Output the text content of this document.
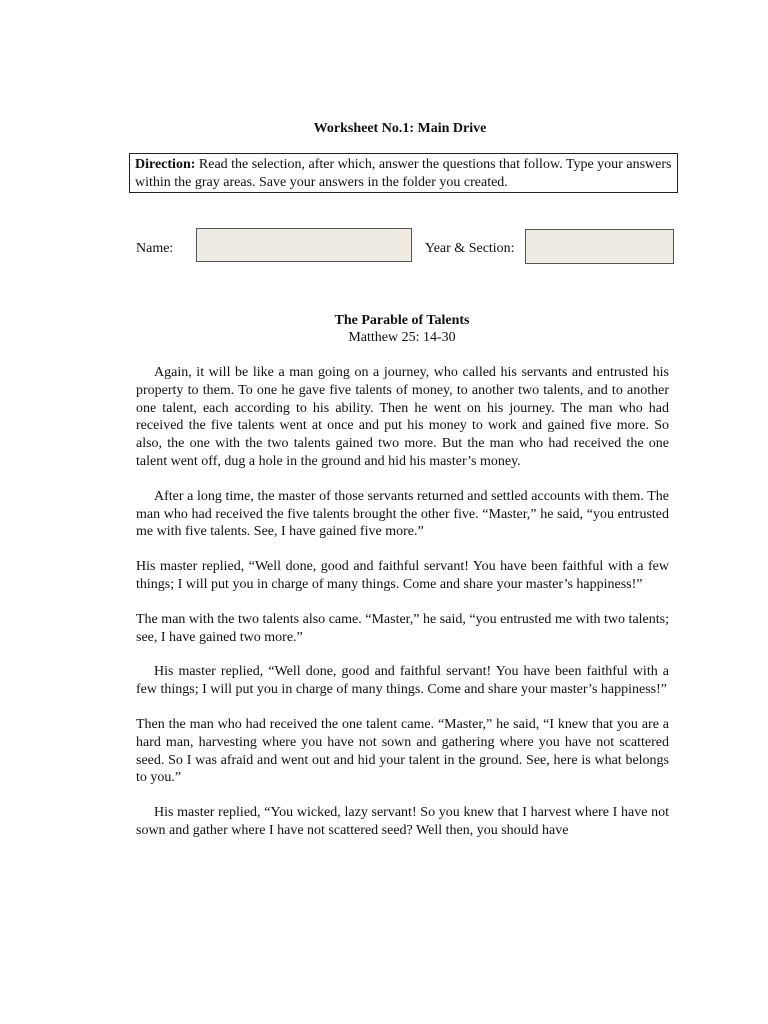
Worksheet No.1: Main Drive
Direction: Read the selection, after which, answer the questions that follow. Type your answers within the gray areas. Save your answers in the folder you created.
Name:	Year & Section:
The Parable of Talents
Matthew 25: 14-30

Again, it will be like a man going on a journey, who called his servants and entrusted his property to them. To one he gave five talents of money, to another two talents, and to another one talent, each according to his ability. Then he went on his journey. The man who had received the five talents went at once and put his money to work and gained five more. So also, the one with the two talents gained two more. But the man who had received the one talent went off, dug a hole in the ground and hid his master’s money.

After a long time, the master of those servants returned and settled accounts with them. The man who had received the five talents brought the other five. “Master,” he said, “you entrusted me with five talents. See, I have gained five more.”

His master replied, “Well done, good and faithful servant! You have been faithful with a few things; I will put you in charge of many things. Come and share your master’s happiness!”

The man with the two talents also came. “Master,” he said, “you entrusted me with two talents; see, I have gained two more.”

His master replied, “Well done, good and faithful servant! You have been faithful with a few things; I will put you in charge of many things. Come and share your master’s happiness!”

Then the man who had received the one talent came. “Master,” he said, “I knew that you are a hard man, harvesting where you have not sown and gathering where you have not scattered seed. So I was afraid and went out and hid your talent in the ground. See, here is what belongs to you.”

His master replied, “You wicked, lazy servant! So you knew that I harvest where I have not sown and gather where I have not scattered seed? Well then, you should have
